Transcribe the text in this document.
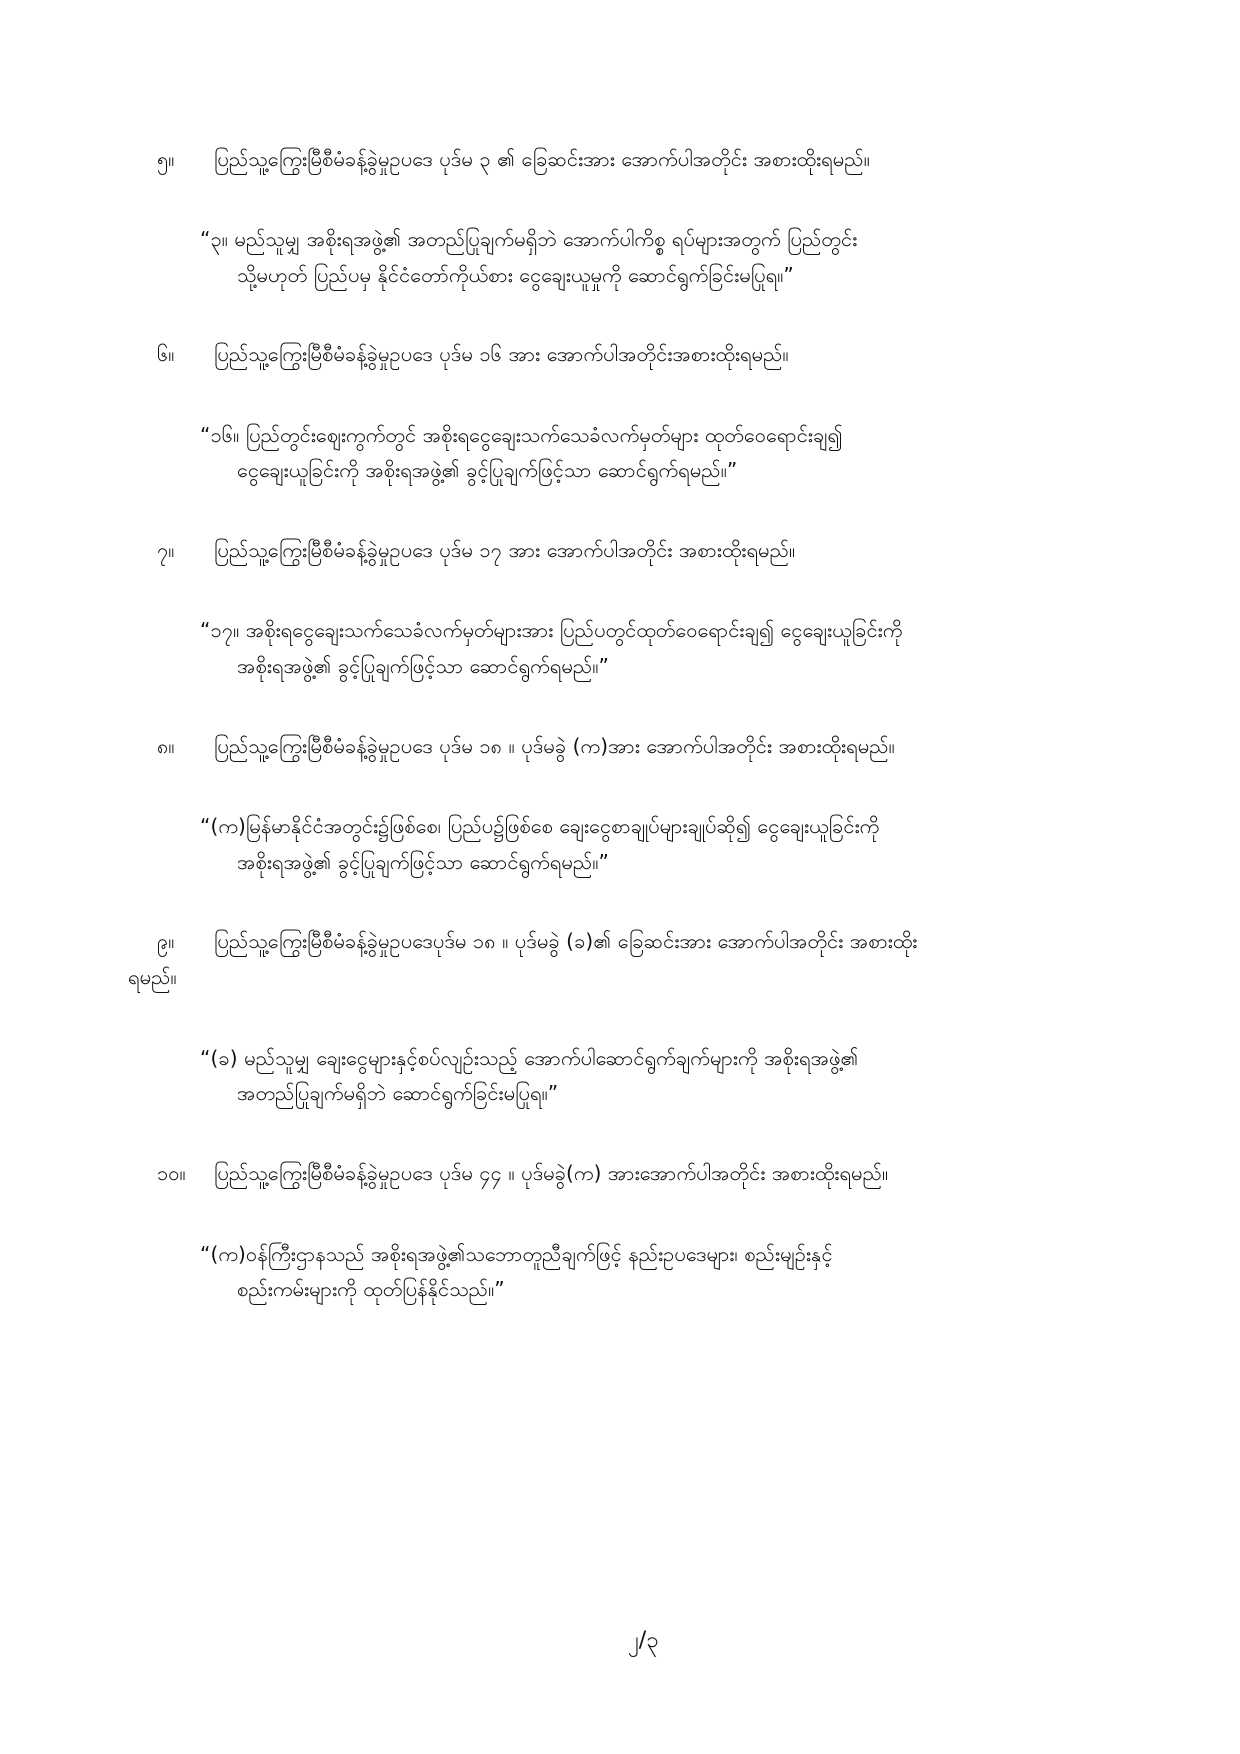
၅။ ပြည်သူ့ကြွေးမြီစီမံခန့်ခွဲမှုဥပဒေ ပုဒ်မ ၃ ၏ ခြေဆင်းအား အောက်ပါအတိုင်း အစားထိုးရမည်။
“၃။ မည်သူမျှ အစိုးရအဖွဲ့၏ အတည်ပြုချက်မရှိဘဲ အောက်ပါကိစ္စ ရပ်များအတွက် ပြည်တွင်း
သို့မဟုတ် ပြည်ပမှ နိုင်ငံတော်ကိုယ်စား ငွေချေးယူမှုကို ဆောင်ရွက်ခြင်းမပြုရ။”
၆။ ပြည်သူ့ကြွေးမြီစီမံခန့်ခွဲမှုဥပဒေ ပုဒ်မ ၁၆ အား အောက်ပါအတိုင်းအစားထိုးရမည်။
“၁၆။ ပြည်တွင်းဈေးကွက်တွင် အစိုးရငွေချေးသက်သေခံလက်မှတ်များ ထုတ်ဝေရောင်းချ၍
ငွေချေးယူခြင်းကို အစိုးရအဖွဲ့၏ ခွင့်ပြုချက်ဖြင့်သာ ဆောင်ရွက်ရမည်။”
၇။ ပြည်သူ့ကြွေးမြီစီမံခန့်ခွဲမှုဥပဒေ ပုဒ်မ ၁၇ အား အောက်ပါအတိုင်း အစားထိုးရမည်။
“၁၇။ အစိုးရငွေချေးသက်သေခံလက်မှတ်များအား ပြည်ပတွင်ထုတ်ဝေရောင်းချ၍ ငွေချေးယူခြင်းကို
အစိုးရအဖွဲ့၏ ခွင့်ပြုချက်ဖြင့်သာ ဆောင်ရွက်ရမည်။”
၈။ ပြည်သူ့ကြွေးမြီစီမံခန့်ခွဲမှုဥပဒေ ပုဒ်မ ၁၈ ။ ပုဒ်မခွဲ (က)အား အောက်ပါအတိုင်း အစားထိုးရမည်။
“(က)မြန်မာနိုင်ငံအတွင်း၌ဖြစ်စေ၊ ပြည်ပ၌ဖြစ်စေ ချေးငွေစာချုပ်များချုပ်ဆို၍ ငွေချေးယူခြင်းကို
အစိုးရအဖွဲ့၏ ခွင့်ပြုချက်ဖြင့်သာ ဆောင်ရွက်ရမည်။”
၉။ ပြည်သူ့ကြွေးမြီစီမံခန့်ခွဲမှုဥပဒေပုဒ်မ ၁၈ ။ ပုဒ်မခွဲ (ခ)၏ ခြေဆင်းအား အောက်ပါအတိုင်း အစားထိုး
ရမည်။
“(ခ) မည်သူမျှ ချေးငွေများနှင့်စပ်လျဉ်းသည့် အောက်ပါဆောင်ရွက်ချက်များကို အစိုးရအဖွဲ့၏
အတည်ပြုချက်မရှိဘဲ ဆောင်ရွက်ခြင်းမပြုရ။”
၁၀။ ပြည်သူ့ကြွေးမြီစီမံခန့်ခွဲမှုဥပဒေ ပုဒ်မ ၄၄ ။ ပုဒ်မခွဲ(က) အားအောက်ပါအတိုင်း အစားထိုးရမည်။
“(က)ဝန်ကြီးဌာနသည် အစိုးရအဖွဲ့၏သဘောတူညီချက်ဖြင့် နည်းဥပဒေများ၊ စည်းမျဉ်းနှင့်
စည်းကမ်းများကို ထုတ်ပြန်နိုင်သည်။”
၂/၃
